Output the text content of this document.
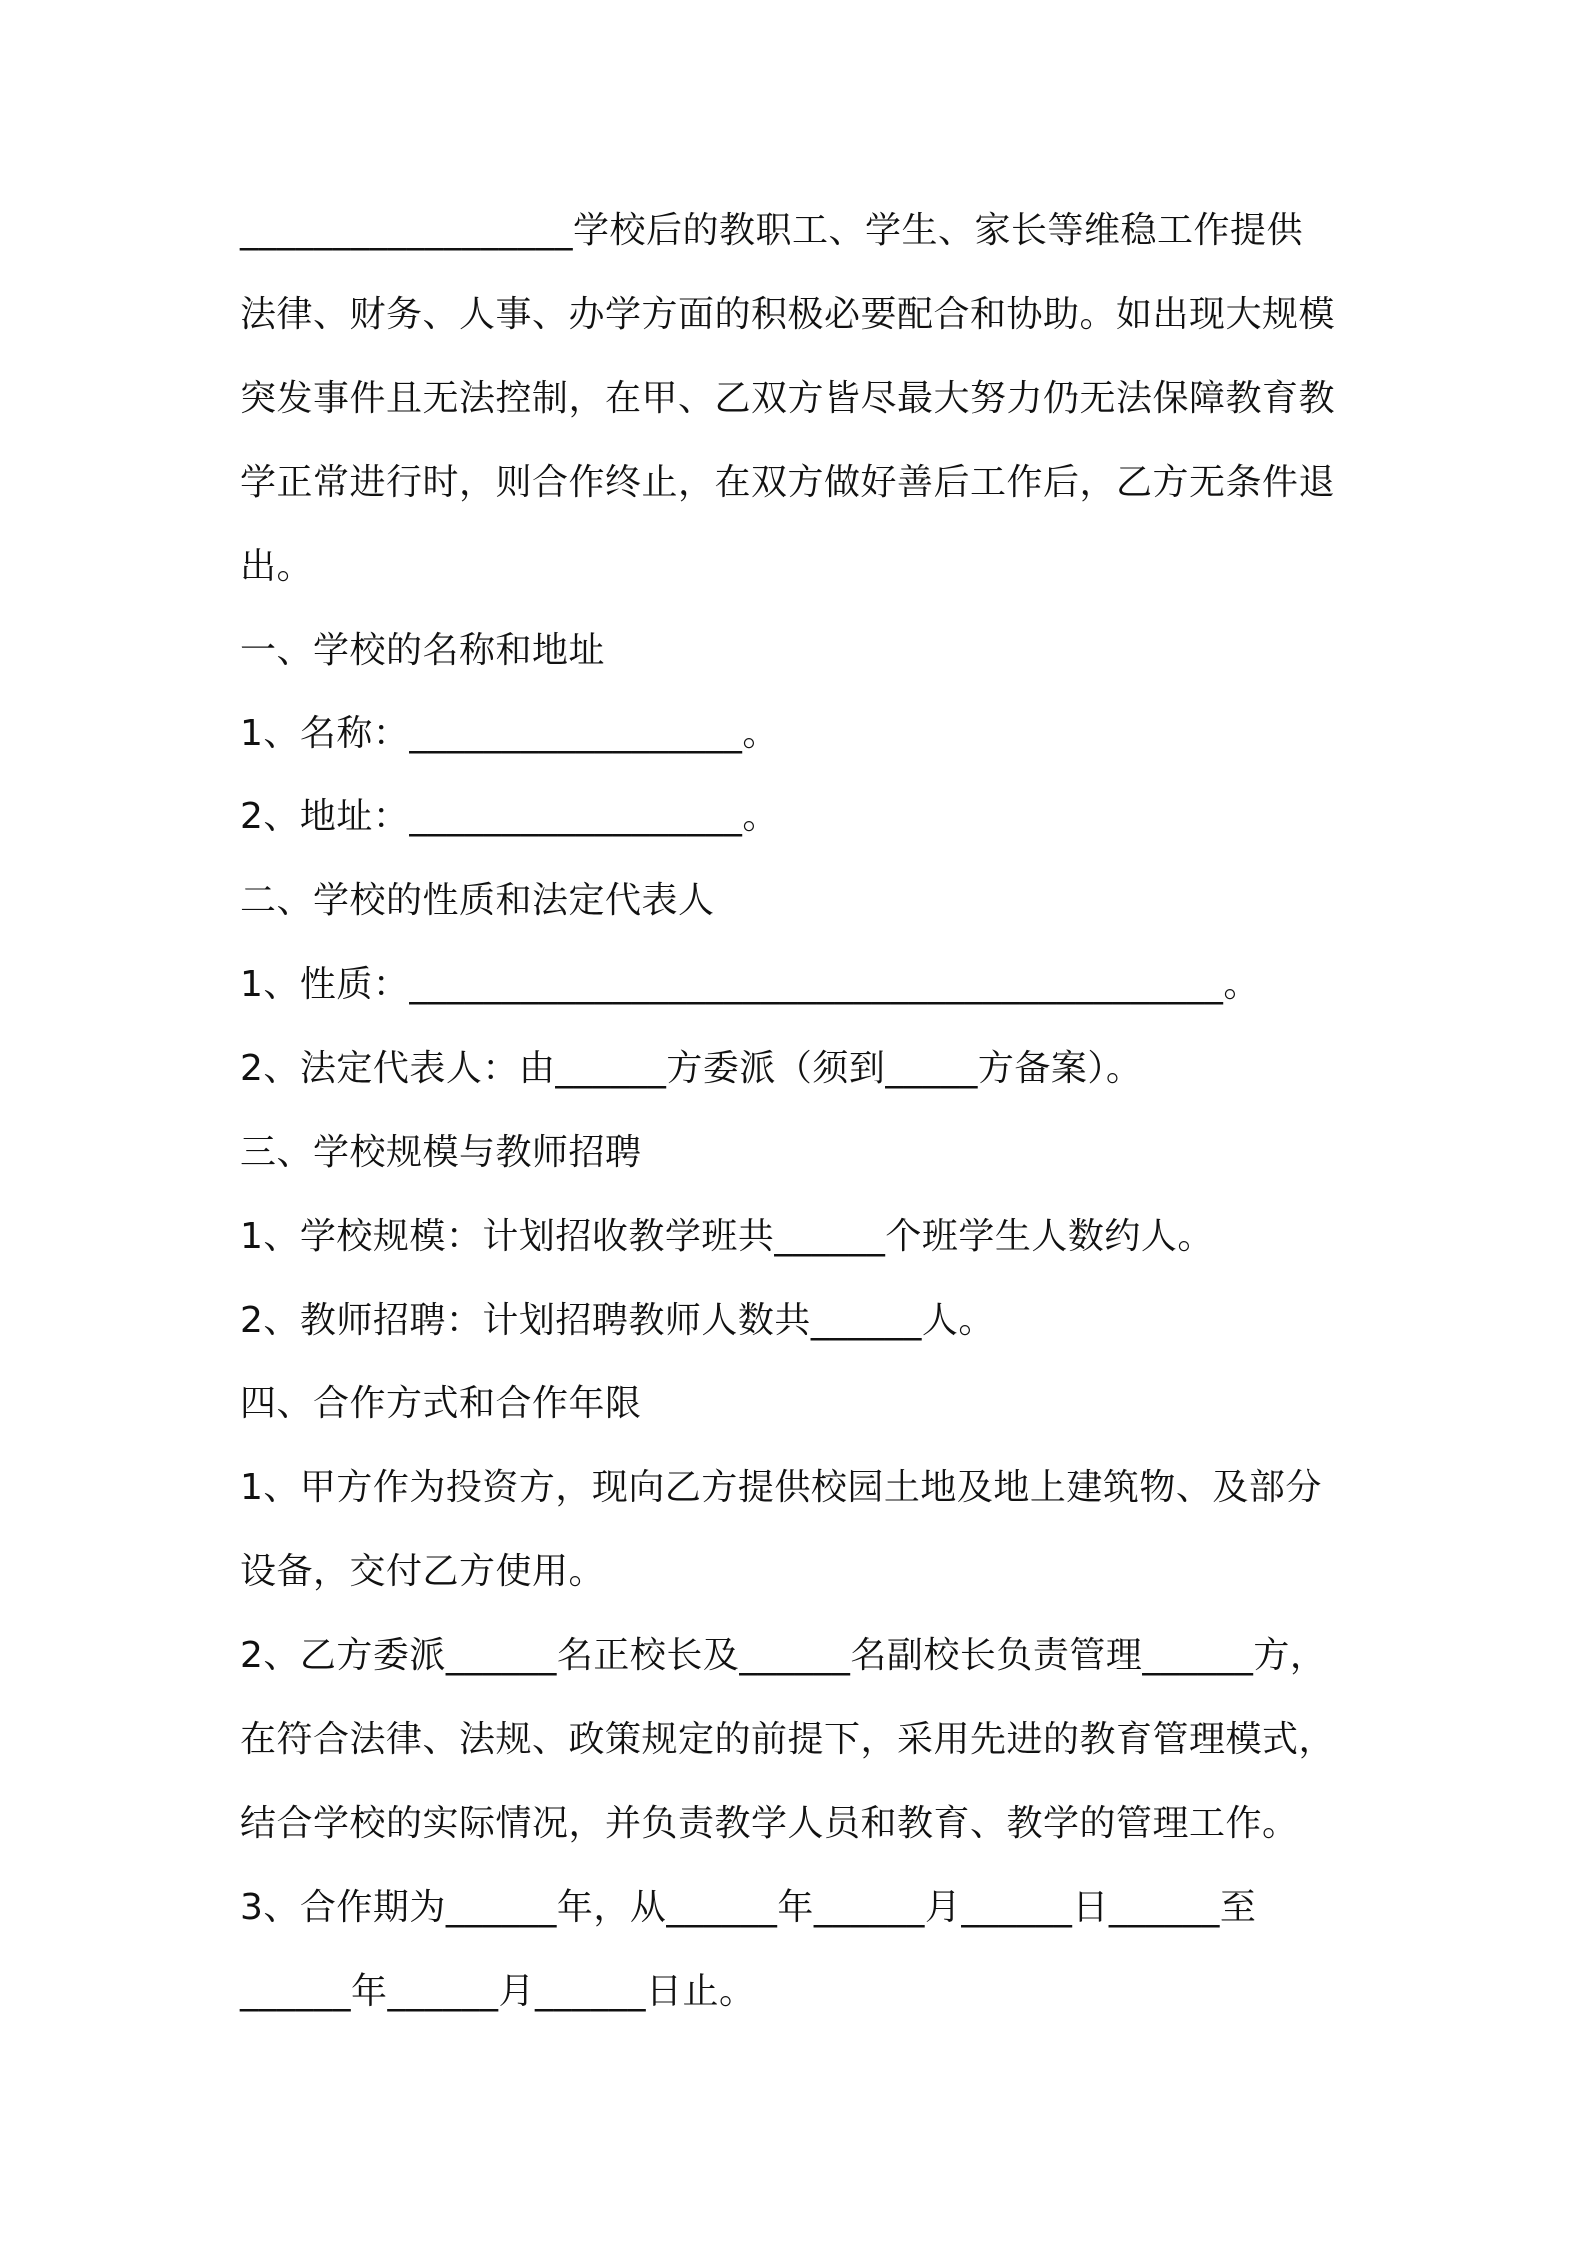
__________________学校后的教职工、学生、家长等维稳工作提供
法律、财务、人事、办学方面的积极必要配合和协助。如出现大规模
突发事件且无法控制，在甲、乙双方皆尽最大努力仍无法保障教育教
学正常进行时，则合作终止，在双方做好善后工作后，乙方无条件退
出。
一、学校的名称和地址
1、名称：__________________。
2、地址：__________________。
二、学校的性质和法定代表人
1、性质：____________________________________________。
2、法定代表人：由______方委派（须到_____方备案）。
三、学校规模与教师招聘
1、学校规模：计划招收教学班共______个班学生人数约人。
2、教师招聘：计划招聘教师人数共______人。
四、合作方式和合作年限
1、甲方作为投资方，现向乙方提供校园土地及地上建筑物、及部分
设备，交付乙方使用。
2、乙方委派______名正校长及______名副校长负责管理______方，
在符合法律、法规、政策规定的前提下，采用先进的教育管理模式，
结合学校的实际情况，并负责教学人员和教育、教学的管理工作。
3、合作期为______年，从______年______月______日______至
______年______月______日止。
